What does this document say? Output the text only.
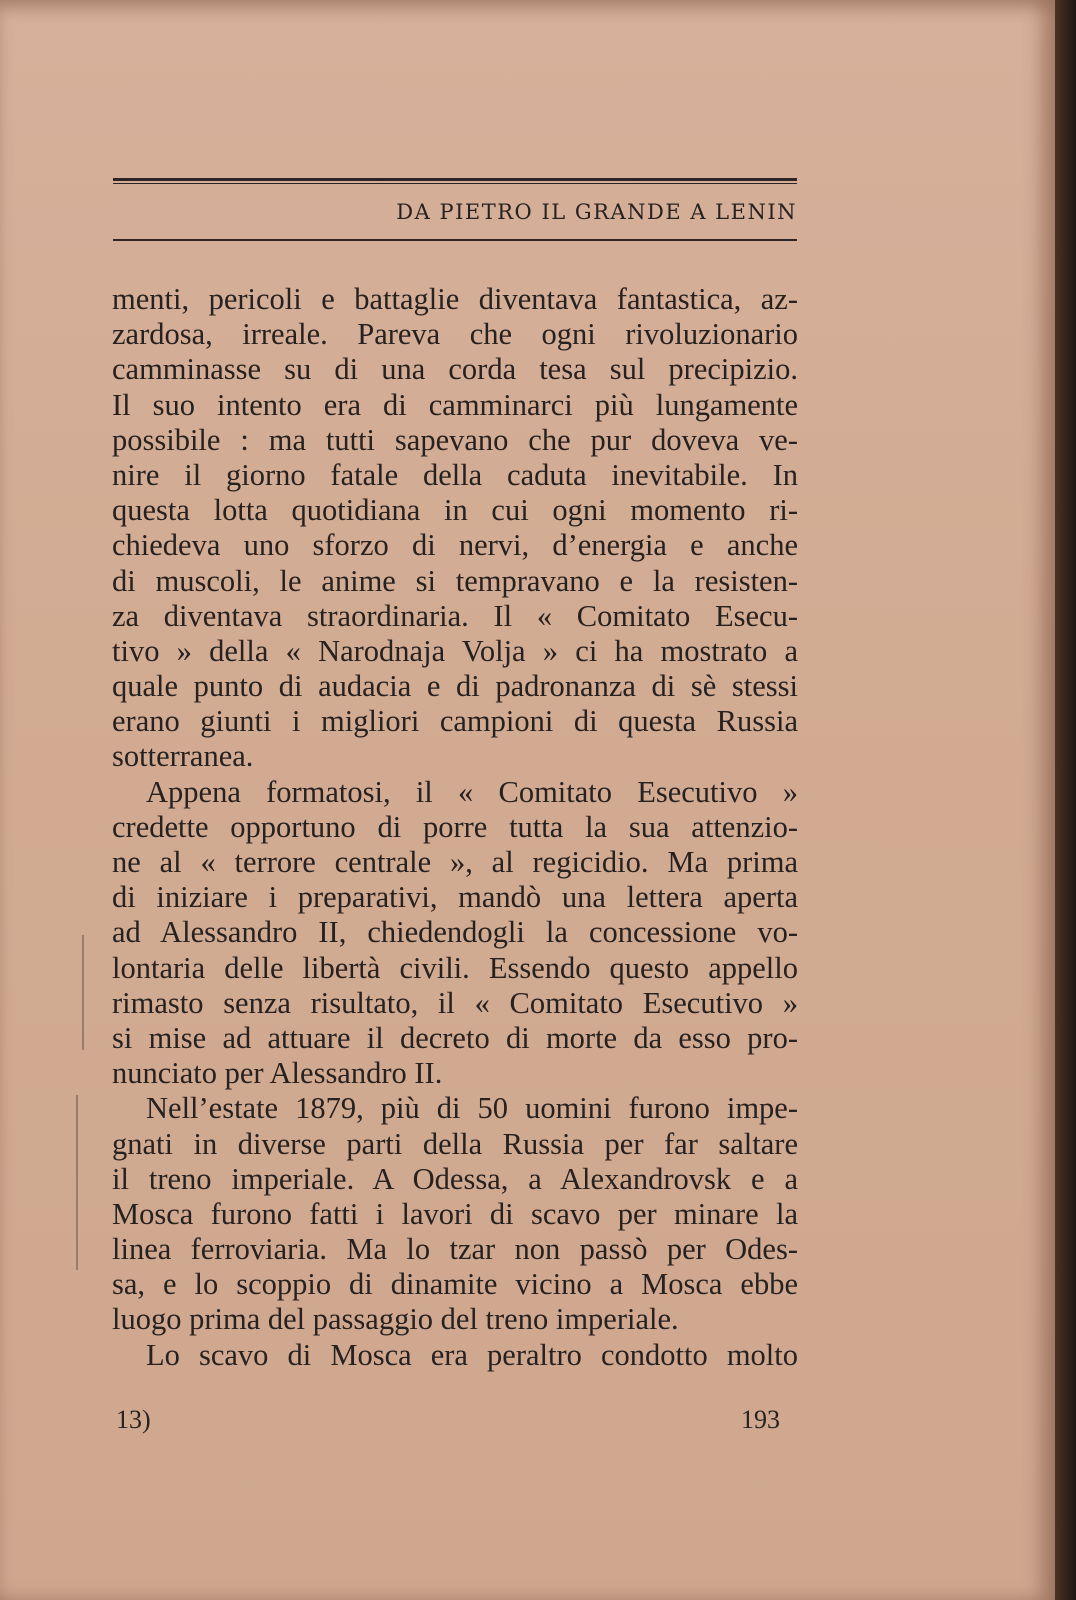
DA PIETRO IL GRANDE A LENIN
menti, pericoli e battaglie diventava fantastica, az-
zardosa, irreale. Pareva che ogni rivoluzionario
camminasse su di una corda tesa sul precipizio.
Il suo intento era di camminarci più lungamente
possibile : ma tutti sapevano che pur doveva ve-
nire il giorno fatale della caduta inevitabile. In
questa lotta quotidiana in cui ogni momento ri-
chiedeva uno sforzo di nervi, d’energia e anche
di muscoli, le anime si tempravano e la resisten-
za diventava straordinaria. Il « Comitato Esecu-
tivo » della « Narodnaja Volja » ci ha mostrato a
quale punto di audacia e di padronanza di sè stessi
erano giunti i migliori campioni di questa Russia
sotterranea.
Appena formatosi, il « Comitato Esecutivo »
credette opportuno di porre tutta la sua attenzio-
ne al « terrore centrale », al regicidio. Ma prima
di iniziare i preparativi, mandò una lettera aperta
ad Alessandro II, chiedendogli la concessione vo-
lontaria delle libertà civili. Essendo questo appello
rimasto senza risultato, il « Comitato Esecutivo »
si mise ad attuare il decreto di morte da esso pro-
nunciato per Alessandro II.
Nell’estate 1879, più di 50 uomini furono impe-
gnati in diverse parti della Russia per far saltare
il treno imperiale. A Odessa, a Alexandrovsk e a
Mosca furono fatti i lavori di scavo per minare la
linea ferroviaria. Ma lo tzar non passò per Odes-
sa, e lo scoppio di dinamite vicino a Mosca ebbe
luogo prima del passaggio del treno imperiale.
Lo scavo di Mosca era peraltro condotto molto
13)	193
